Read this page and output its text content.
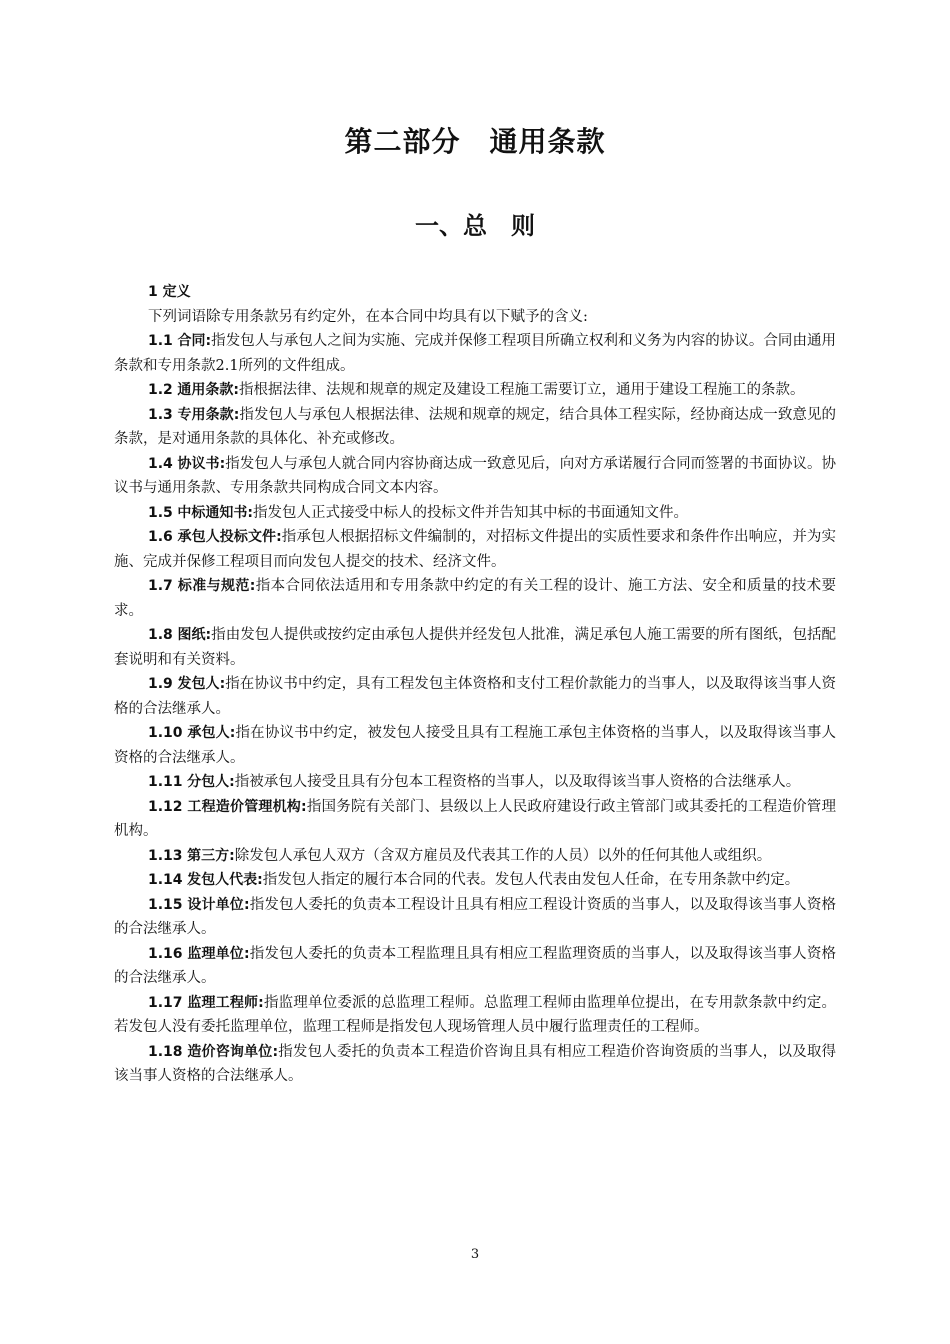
第二部分　通用条款
一、总　则

1 定义

下列词语除专用条款另有约定外，在本合同中均具有以下赋予的含义:

1.1 合同:指发包人与承包人之间为实施、完成并保修工程项目所确立权利和义务为内容的协议。合同由通用条款和专用条款2.1所列的文件组成。

1.2 通用条款:指根据法律、法规和规章的规定及建设工程施工需要订立，通用于建设工程施工的条款。

1.3 专用条款:指发包人与承包人根据法律、法规和规章的规定，结合具体工程实际，经协商达成一致意见的条款，是对通用条款的具体化、补充或修改。

1.4 协议书:指发包人与承包人就合同内容协商达成一致意见后，向对方承诺履行合同而签署的书面协议。协议书与通用条款、专用条款共同构成合同文本内容。

1.5 中标通知书:指发包人正式接受中标人的投标文件并告知其中标的书面通知文件。

1.6 承包人投标文件:指承包人根据招标文件编制的，对招标文件提出的实质性要求和条件作出响应，并为实施、完成并保修工程项目而向发包人提交的技术、经济文件。

1.7 标准与规范:指本合同依法适用和专用条款中约定的有关工程的设计、施工方法、安全和质量的技术要求。

1.8 图纸:指由发包人提供或按约定由承包人提供并经发包人批准，满足承包人施工需要的所有图纸，包括配套说明和有关资料。

1.9 发包人:指在协议书中约定，具有工程发包主体资格和支付工程价款能力的当事人，以及取得该当事人资格的合法继承人。

1.10 承包人:指在协议书中约定，被发包人接受且具有工程施工承包主体资格的当事人，以及取得该当事人资格的合法继承人。

1.11 分包人:指被承包人接受且具有分包本工程资格的当事人，以及取得该当事人资格的合法继承人。

1.12 工程造价管理机构:指国务院有关部门、县级以上人民政府建设行政主管部门或其委托的工程造价管理机构。

1.13 第三方:除发包人承包人双方（含双方雇员及代表其工作的人员）以外的任何其他人或组织。

1.14 发包人代表:指发包人指定的履行本合同的代表。发包人代表由发包人任命，在专用条款中约定。

1.15 设计单位:指发包人委托的负责本工程设计且具有相应工程设计资质的当事人，以及取得该当事人资格的合法继承人。

1.16 监理单位:指发包人委托的负责本工程监理且具有相应工程监理资质的当事人，以及取得该当事人资格的合法继承人。

1.17 监理工程师:指监理单位委派的总监理工程师。总监理工程师由监理单位提出，在专用款条款中约定。若发包人没有委托监理单位，监理工程师是指发包人现场管理人员中履行监理责任的工程师。

1.18 造价咨询单位:指发包人委托的负责本工程造价咨询且具有相应工程造价咨询资质的当事人，以及取得该当事人资格的合法继承人。

3
